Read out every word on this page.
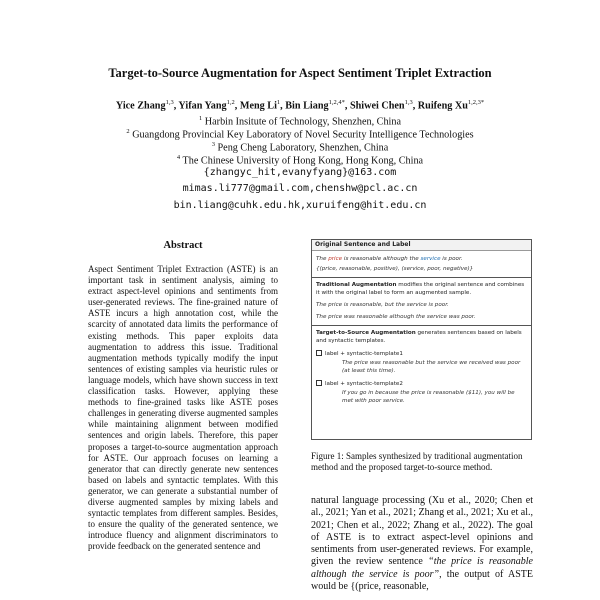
Target-to-Source Augmentation for Aspect Sentiment Triplet Extraction
Yice Zhang$^{1,3}$, Yifan Yang$^{1,2}$, Meng Li$^1$, Bin Liang$^{1,2,4*}$, Shiwei Chen$^{1,3}$, Ruifeng $Xu^{1,2,3*}$
$^1$ Harbin Insitute of Technology, Shenzhen, China
$^2$ Guangdong Provincial Key Laboratory of Novel Security Intelligence Technologies
$^3$ Peng Cheng Laboratory, Shenzhen, China
$^4$ The Chinese University of Hong Kong, Hong Kong, China
{zhangyc_hit,evanyfyang}@163.com
mimas.li777@gmail.com,chenshw@pcl.ac.cn
bin.liang@cuhk.edu.hk,xuruifeng@hit.edu.cn
Abstract
Aspect Sentiment Triplet Extraction (ASTE) is an important task in sentiment analysis, aiming to extract aspect-level opinions and sentiments from user-generated reviews. The fine-grained nature of ASTE incurs a high annotation cost, while the scarcity of annotated data limits the performance of existing methods. This paper exploits data augmentation to address this issue. Traditional augmentation methods typically modify the input sentences of existing samples via heuristic rules or language models, which have shown success in text classification tasks. However, applying these methods to fine-grained tasks like ASTE poses challenges in generating diverse augmented samples while maintaining alignment between modified sentences and origin labels. Therefore, this paper proposes a target-to-source augmentation approach for ASTE. Our approach focuses on learning a generator that can directly generate new sentences based on labels and syntactic templates. With this generator, we can generate a substantial number of diverse augmented samples by mixing labels and syntactic templates from different samples. Besides, to ensure the quality of the generated sentence, we introduce fluency and alignment discriminators to provide feedback on the generated sentence and
Original Sentence and Label
The price is reasonable although the service is poor.
{(price, reasonable, positive), (service, poor, negative)}
Traditional Augmentation modifies the original sentence and combines it with the original label to form an augmented sample.
The price is reasonable, but the service is poor.
The price was reasonable although the service was poor.
Target-to-Source Augmentation generates sentences based on labels and syntactic templates.
label + syntactic-template1
The price was reasonable but the service we received was poor (at least this time).
label + syntactic-template2
If you go in because the price is reasonable ($11), you will be met with poor service.
Figure 1: Samples synthesized by traditional augmentation method and the proposed target-to-source method.
natural language processing (Xu et al., 2020; Chen et al., 2021; Yan et al., 2021; Zhang et al., 2021; Xu et al., 2021; Chen et al., 2022; Zhang et al., 2022). The goal of ASTE is to extract aspect-level opinions and sentiments from user-generated reviews. For example, given the review sentence “the price is reasonable although the service is poor”, the output of ASTE would be {(price, reasonable,
